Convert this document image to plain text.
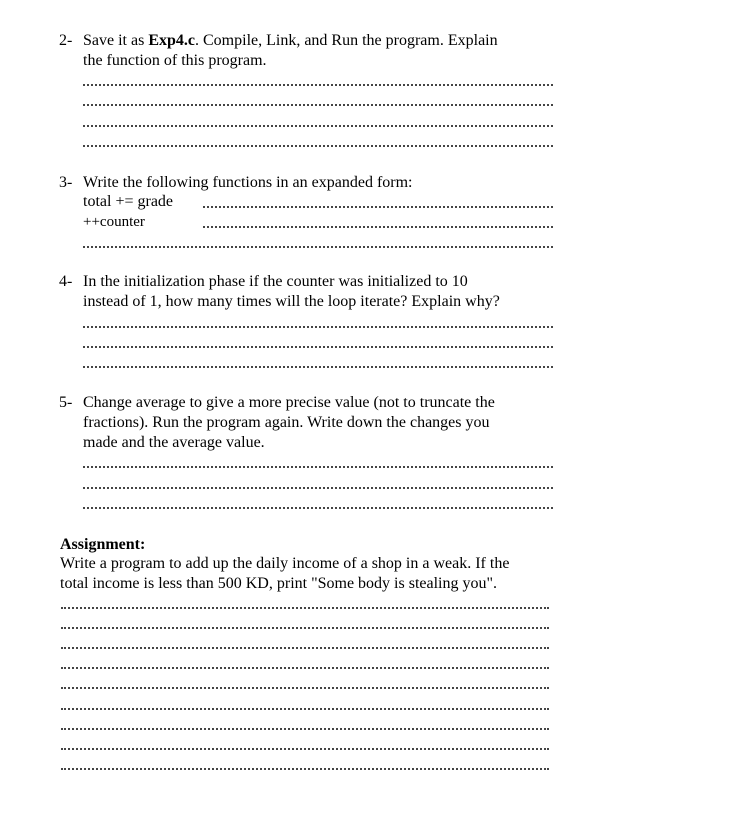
2- Save it as Exp4.c. Compile, Link, and Run the program. Explain
the function of this program.
3- Write the following functions in an expanded form:
total += grade
++counter
4- In the initialization phase if the counter was initialized to 10
instead of 1, how many times will the loop iterate? Explain why?
5- Change average to give a more precise value (not to truncate the
fractions). Run the program again. Write down the changes you
made and the average value.
Assignment:
Write a program to add up the daily income of a shop in a weak. If the
total income is less than 500 KD, print "Some body is stealing you".
